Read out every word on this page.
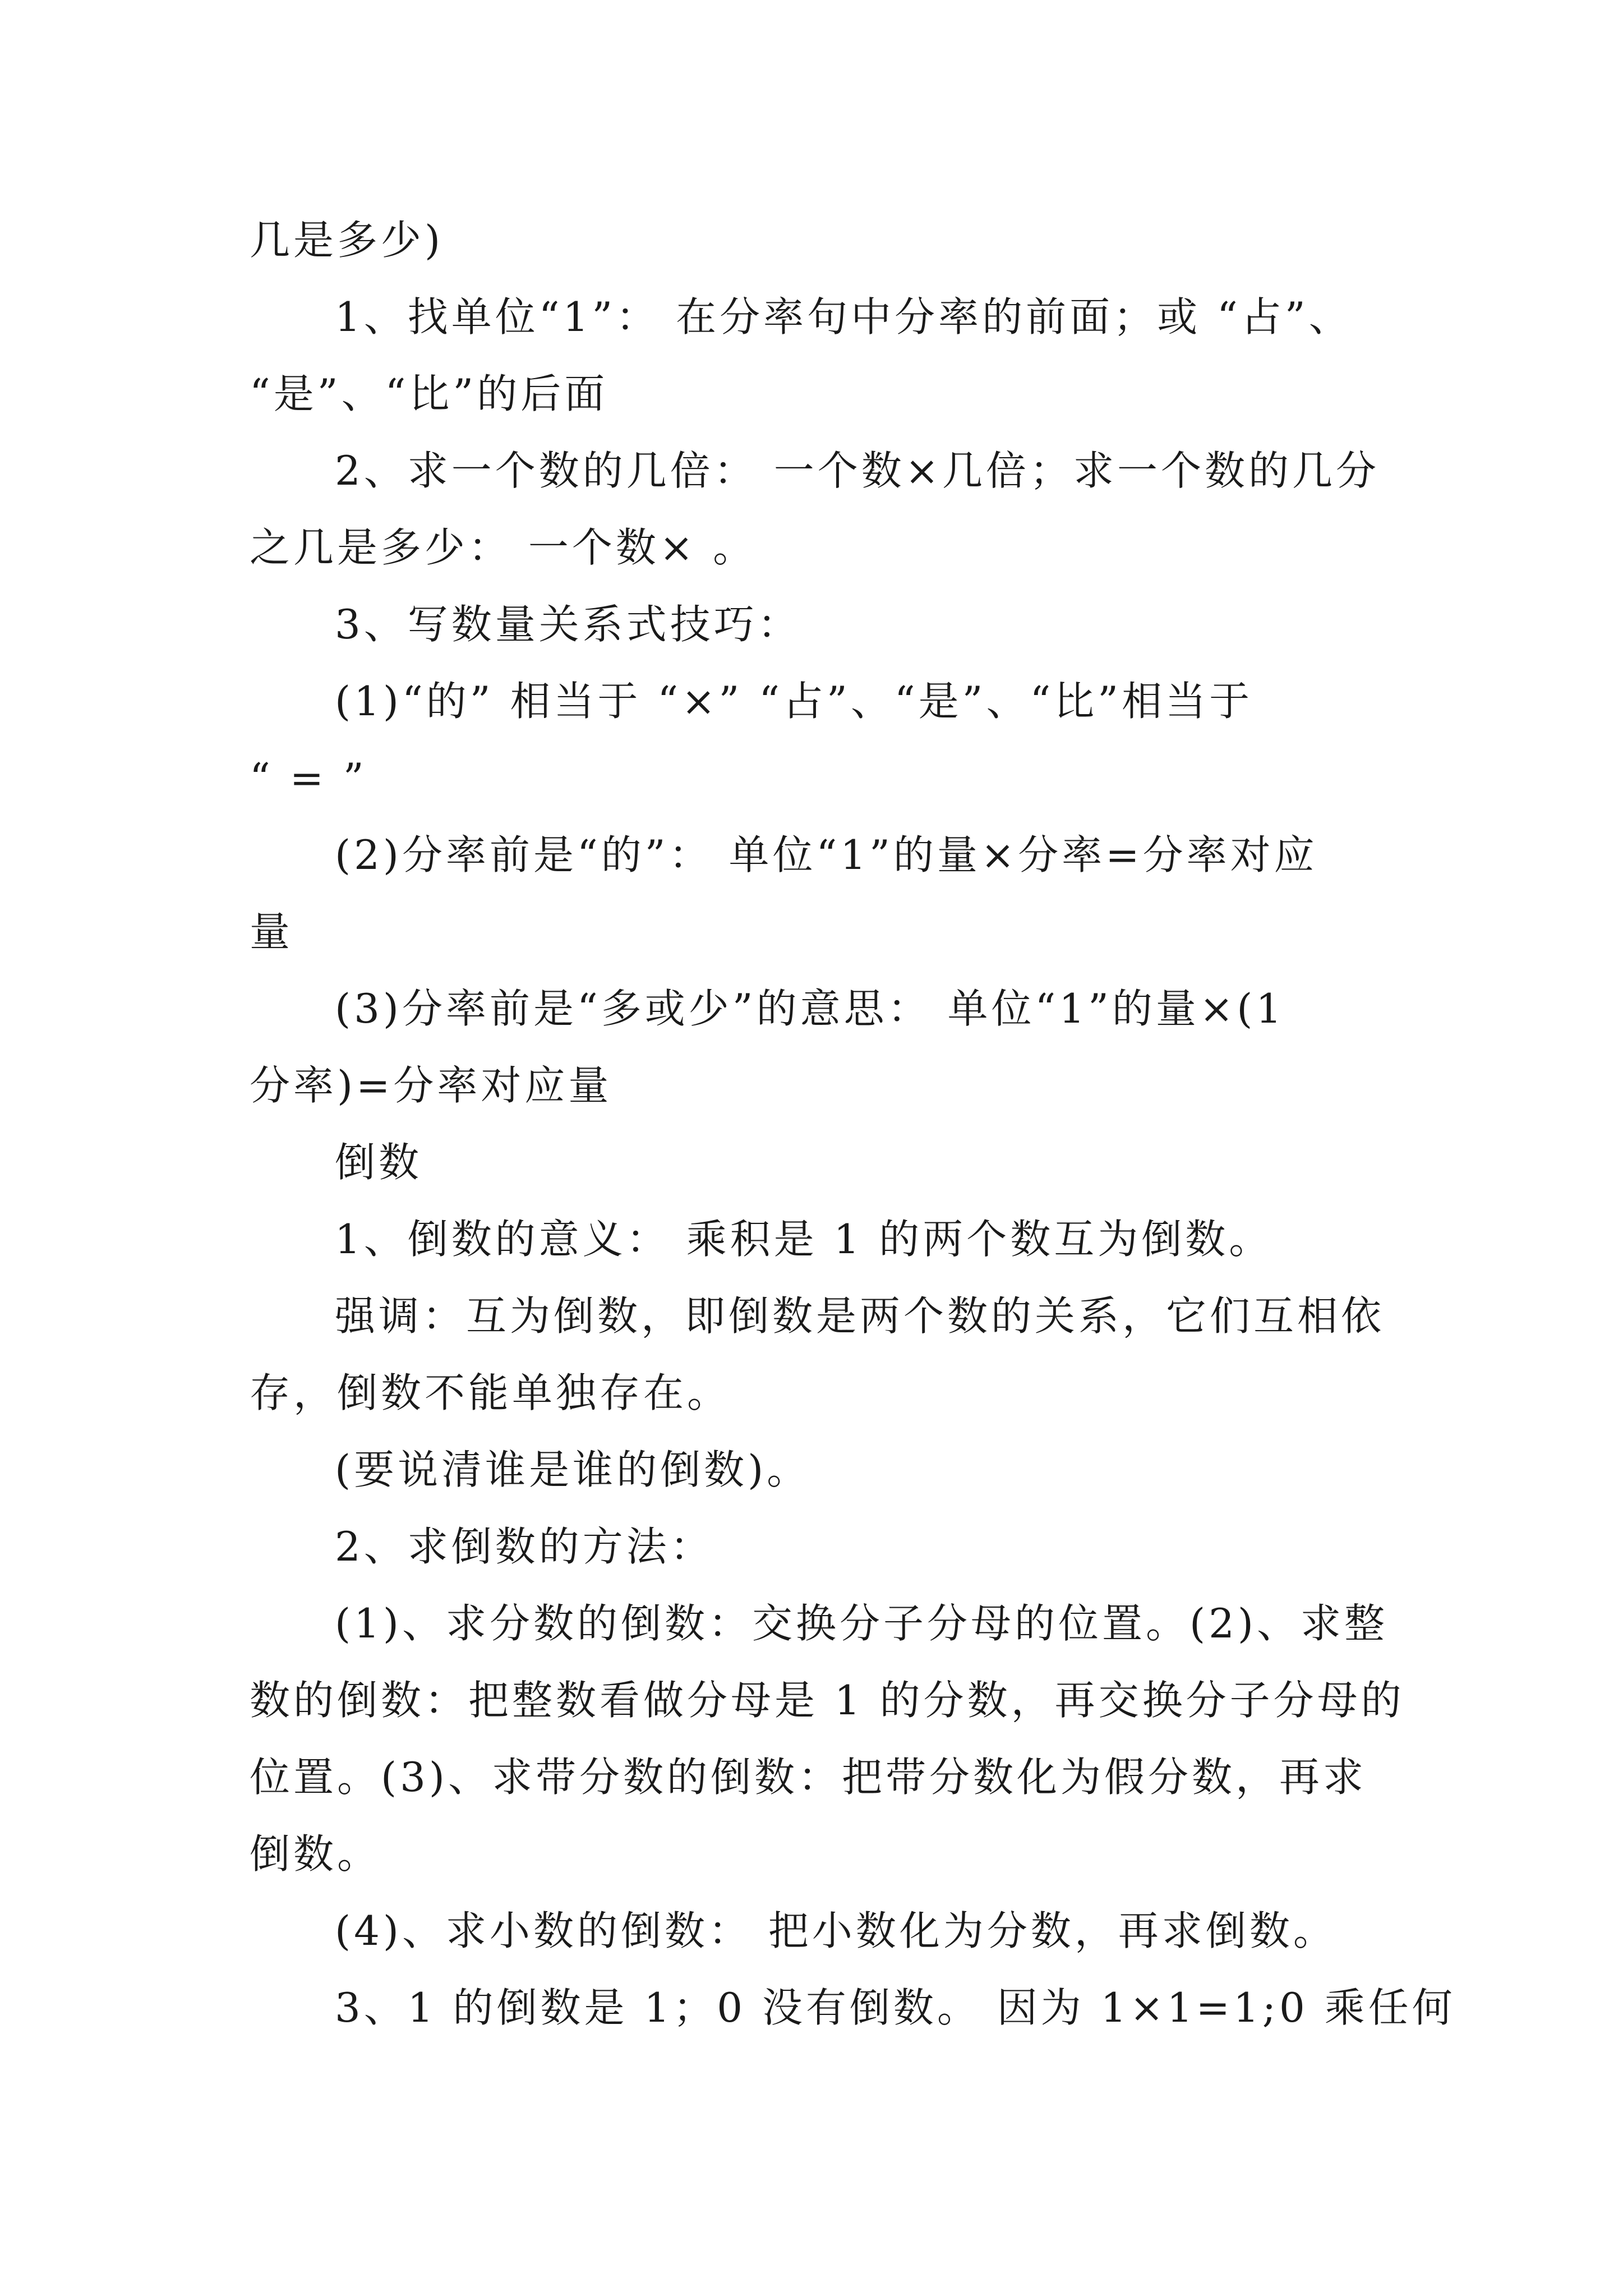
几是多少)
1、找单位“1”： 在分率句中分率的前面；或 “占”、
“是”、“比”的后面
2、求一个数的几倍： 一个数×几倍；求一个数的几分
之几是多少： 一个数× 。
3、写数量关系式技巧：
(1)“的” 相当于 “×” “占”、“是”、“比”相当于
“ = ”
(2)分率前是“的”： 单位“1”的量×分率=分率对应
量
(3)分率前是“多或少”的意思： 单位“1”的量×(1
分率)=分率对应量
倒数
1、倒数的意义： 乘积是 1 的两个数互为倒数。
强调：互为倒数，即倒数是两个数的关系，它们互相依
存，倒数不能单独存在。
(要说清谁是谁的倒数)。
2、求倒数的方法：
(1)、求分数的倒数：交换分子分母的位置。(2)、求整
数的倒数：把整数看做分母是 1 的分数，再交换分子分母的
位置。(3)、求带分数的倒数：把带分数化为假分数，再求
倒数。
(4)、求小数的倒数： 把小数化为分数，再求倒数。
3、1 的倒数是 1；0 没有倒数。 因为 1×1=1;0 乘任何
